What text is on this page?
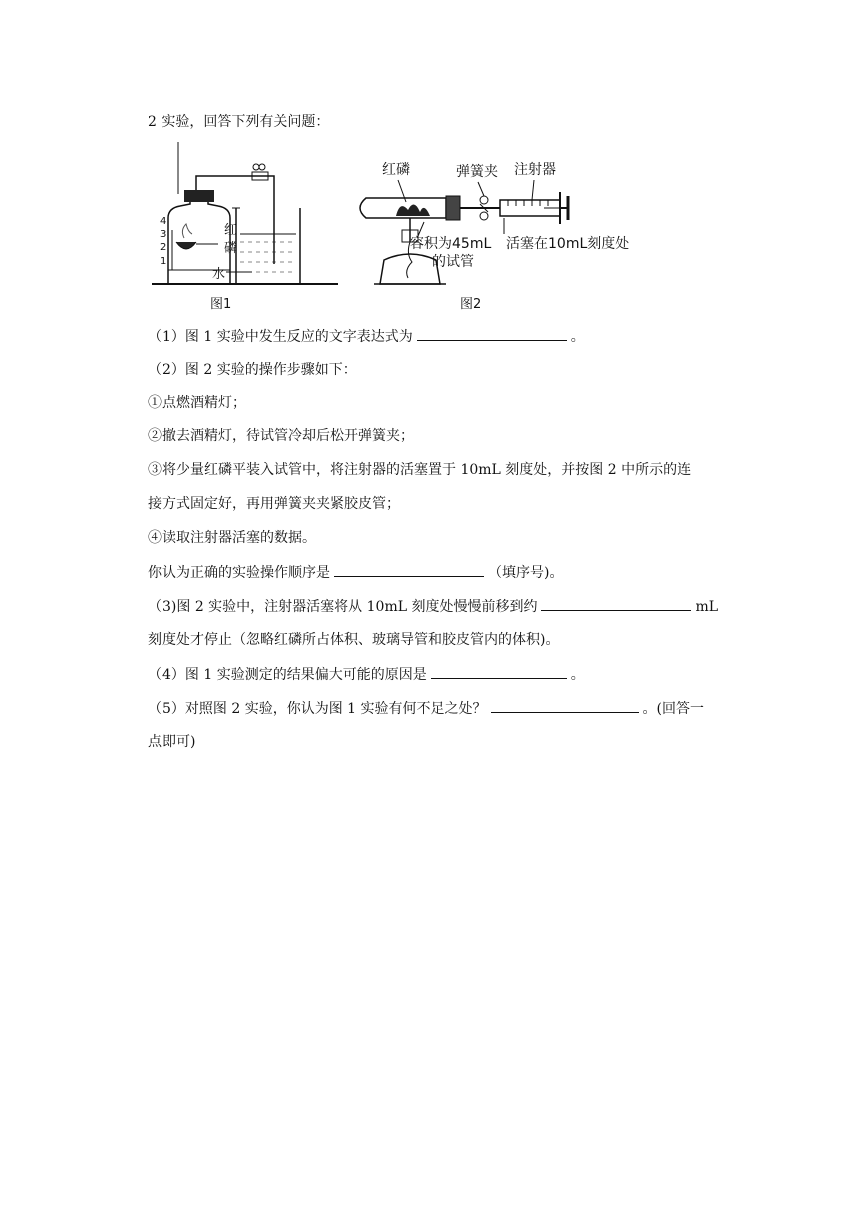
2 实验，回答下列有关问题：
4
3
2
1
红
磷
水
图1
红磷	弹簧夹 注射器
容积为45mL
的试管
活塞在10mL刻度处
图2
（1）图 1 实验中发生反应的文字表达式为	。
（2）图 2 实验的操作步骤如下：
①点燃酒精灯；
②撤去酒精灯，待试管冷却后松开弹簧夹；
③将少量红磷平装入试管中，将注射器的活塞置于 10mL 刻度处，并按图 2 中所示的连
接方式固定好，再用弹簧夹夹紧胶皮管；
④读取注射器活塞的数据。
你认为正确的实验操作顺序是	（填序号)。
（3)图 2 实验中，注射器活塞将从 10mL 刻度处慢慢前移到约	mL
刻度处才停止（忽略红磷所占体积、玻璃导管和胶皮管内的体积)。
（4）图 1 实验测定的结果偏大可能的原因是	。
（5）对照图 2 实验，你认为图 1 实验有何不足之处？	。(回答一
点即可)
